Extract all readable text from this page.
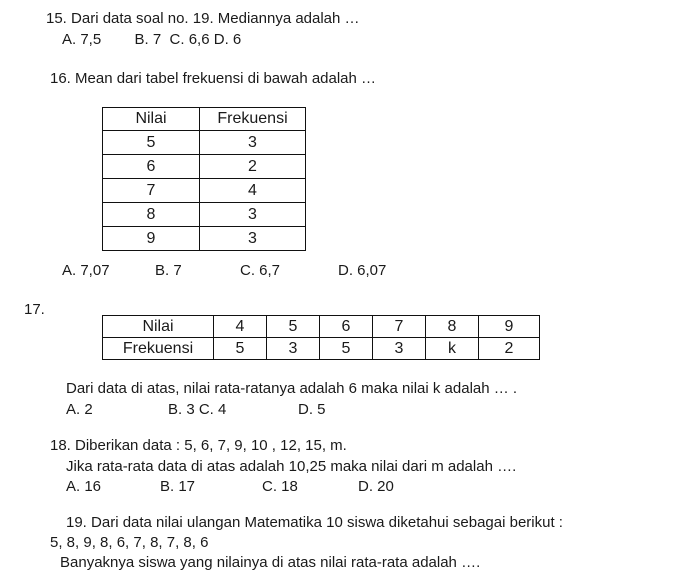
15. Dari data soal no. 19. Mediannya adalah …
A. 7,5        B. 7  C. 6,6 D. 6
16. Mean dari tabel frekuensi di bawah adalah …
Nilai	Frekuensi
5	3
6	2
7	4
8	3
9	3
A. 7,07	B. 7	C. 6,7	D. 6,07
17.
Nilai	4	5	6	7	8	9
Frekuensi	5	3	5	3	k	2
Dari data di atas, nilai rata-ratanya adalah 6 maka nilai k adalah … .
A. 2	B. 3 C. 4	D. 5
18. Diberikan data : 5, 6, 7, 9, 10 , 12, 15, m.
Jika rata-rata data di atas adalah 10,25 maka nilai dari m adalah ….
A. 16	B. 17	C. 18	D. 20
19. Dari data nilai ulangan Matematika 10 siswa diketahui sebagai berikut :
5, 8, 9, 8, 6, 7, 8, 7, 8, 6
Banyaknya siswa yang nilainya di atas nilai rata-rata adalah ….
